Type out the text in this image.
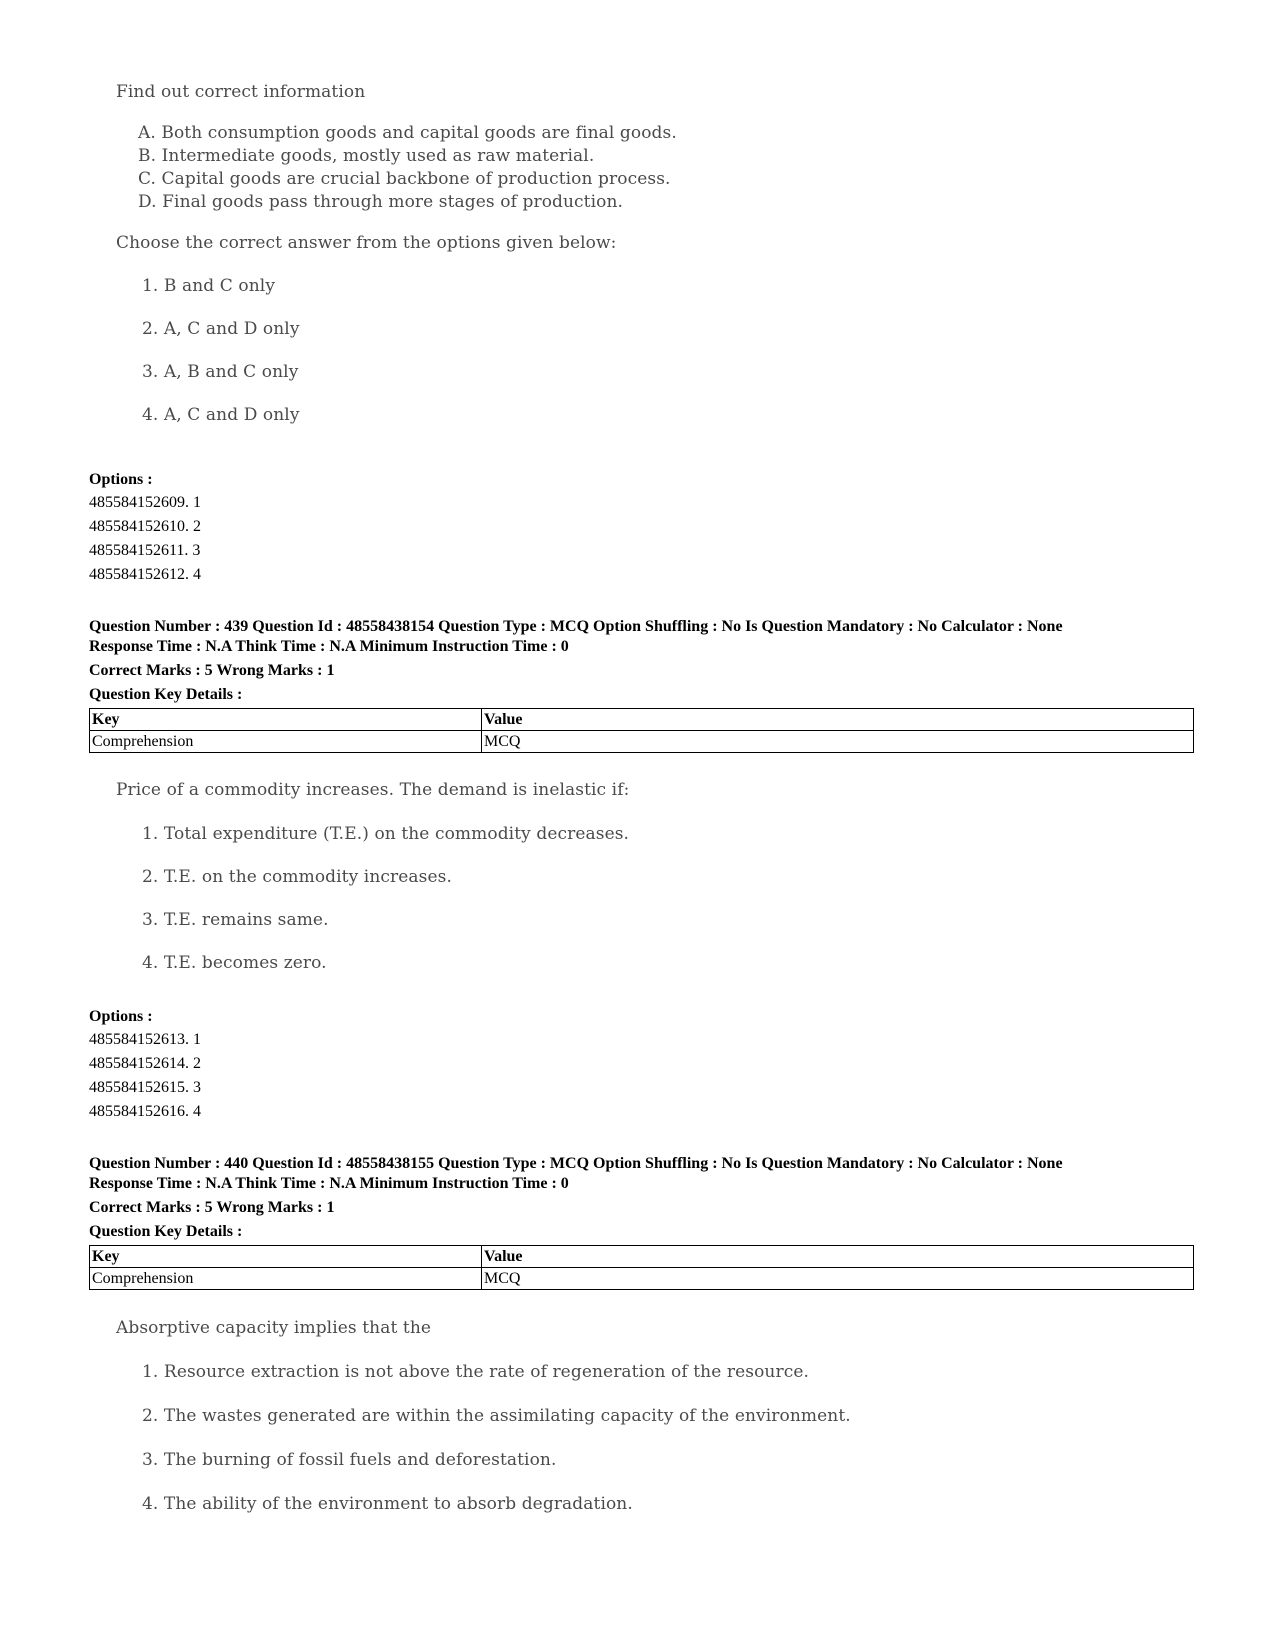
Find out correct information
A. Both consumption goods and capital goods are final goods.
B. Intermediate goods, mostly used as raw material.
C. Capital goods are crucial backbone of production process.
D. Final goods pass through more stages of production.
Choose the correct answer from the options given below:
1. B and C only
2. A, C and D only
3. A, B and C only
4. A, C and D only
Options :
485584152609. 1
485584152610. 2
485584152611. 3
485584152612. 4
Question Number : 439 Question Id : 48558438154 Question Type : MCQ Option Shuffling : No Is Question Mandatory : No Calculator : None
Response Time : N.A Think Time : N.A Minimum Instruction Time : 0
Correct Marks : 5 Wrong Marks : 1
Question Key Details :
Key	Value
Comprehension	MCQ
Price of a commodity increases. The demand is inelastic if:
1. Total expenditure (T.E.) on the commodity decreases.
2. T.E. on the commodity increases.
3. T.E. remains same.
4. T.E. becomes zero.
Options :
485584152613. 1
485584152614. 2
485584152615. 3
485584152616. 4
Question Number : 440 Question Id : 48558438155 Question Type : MCQ Option Shuffling : No Is Question Mandatory : No Calculator : None
Response Time : N.A Think Time : N.A Minimum Instruction Time : 0
Correct Marks : 5 Wrong Marks : 1
Question Key Details :
Key	Value
Comprehension	MCQ
Absorptive capacity implies that the
1. Resource extraction is not above the rate of regeneration of the resource.
2. The wastes generated are within the assimilating capacity of the environment.
3. The burning of fossil fuels and deforestation.
4. The ability of the environment to absorb degradation.
